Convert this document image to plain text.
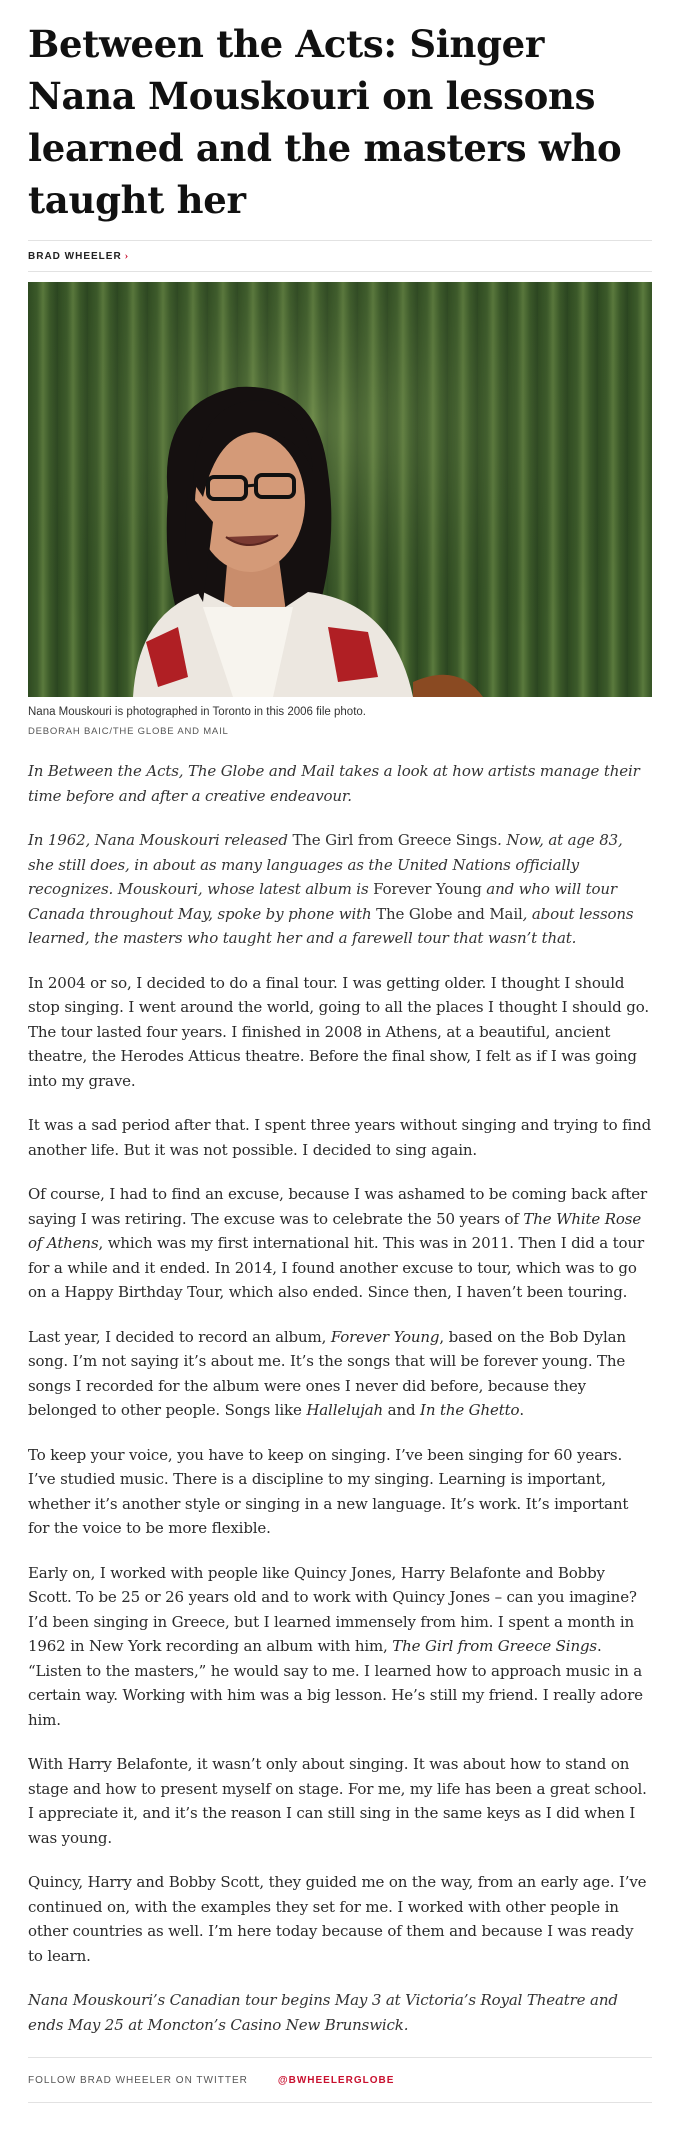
Between the Acts: Singer Nana Mouskouri on lessons learned and the masters who taught her
BRAD WHEELER ›
Nana Mouskouri is photographed in Toronto in this 2006 file photo.
DEBORAH BAIC/THE GLOBE AND MAIL

In Between the Acts, The Globe and Mail takes a look at how artists manage their time before and after a creative endeavour.

In 1962, Nana Mouskouri released The Girl from Greece Sings. Now, at age 83, she still does, in about as many languages as the United Nations officially recognizes. Mouskouri, whose latest album is Forever Young and who will tour Canada throughout May, spoke by phone with The Globe and Mail, about lessons learned, the masters who taught her and a farewell tour that wasn’t that.

In 2004 or so, I decided to do a final tour. I was getting older. I thought I should stop singing. I went around the world, going to all the places I thought I should go. The tour lasted four years. I finished in 2008 in Athens, at a beautiful, ancient theatre, the Herodes Atticus theatre. Before the final show, I felt as if I was going into my grave.

It was a sad period after that. I spent three years without singing and trying to find another life. But it was not possible. I decided to sing again.

Of course, I had to find an excuse, because I was ashamed to be coming back after saying I was retiring. The excuse was to celebrate the 50 years of The White Rose of Athens, which was my first international hit. This was in 2011. Then I did a tour for a while and it ended. In 2014, I found another excuse to tour, which was to go on a Happy Birthday Tour, which also ended. Since then, I haven’t been touring.

Last year, I decided to record an album, Forever Young, based on the Bob Dylan song. I’m not saying it’s about me. It’s the songs that will be forever young. The songs I recorded for the album were ones I never did before, because they belonged to other people. Songs like Hallelujah and In the Ghetto.

To keep your voice, you have to keep on singing. I’ve been singing for 60 years. I’ve studied music. There is a discipline to my singing. Learning is important, whether it’s another style or singing in a new language. It’s work. It’s important for the voice to be more flexible.

Early on, I worked with people like Quincy Jones, Harry Belafonte and Bobby Scott. To be 25 or 26 years old and to work with Quincy Jones – can you imagine? I’d been singing in Greece, but I learned immensely from him. I spent a month in 1962 in New York recording an album with him, The Girl from Greece Sings. “Listen to the masters,” he would say to me. I learned how to approach music in a certain way. Working with him was a big lesson. He’s still my friend. I really adore him.

With Harry Belafonte, it wasn’t only about singing. It was about how to stand on stage and how to present myself on stage. For me, my life has been a great school. I appreciate it, and it’s the reason I can still sing in the same keys as I did when I was young.

Quincy, Harry and Bobby Scott, they guided me on the way, from an early age. I’ve continued on, with the examples they set for me. I worked with other people in other countries as well. I’m here today because of them and because I was ready to learn.

Nana Mouskouri’s Canadian tour begins May 3 at Victoria’s Royal Theatre and ends May 25 at Moncton’s Casino New Brunswick.

FOLLOW BRAD WHEELER ON TWITTER	@BWHEELERGLOBE
